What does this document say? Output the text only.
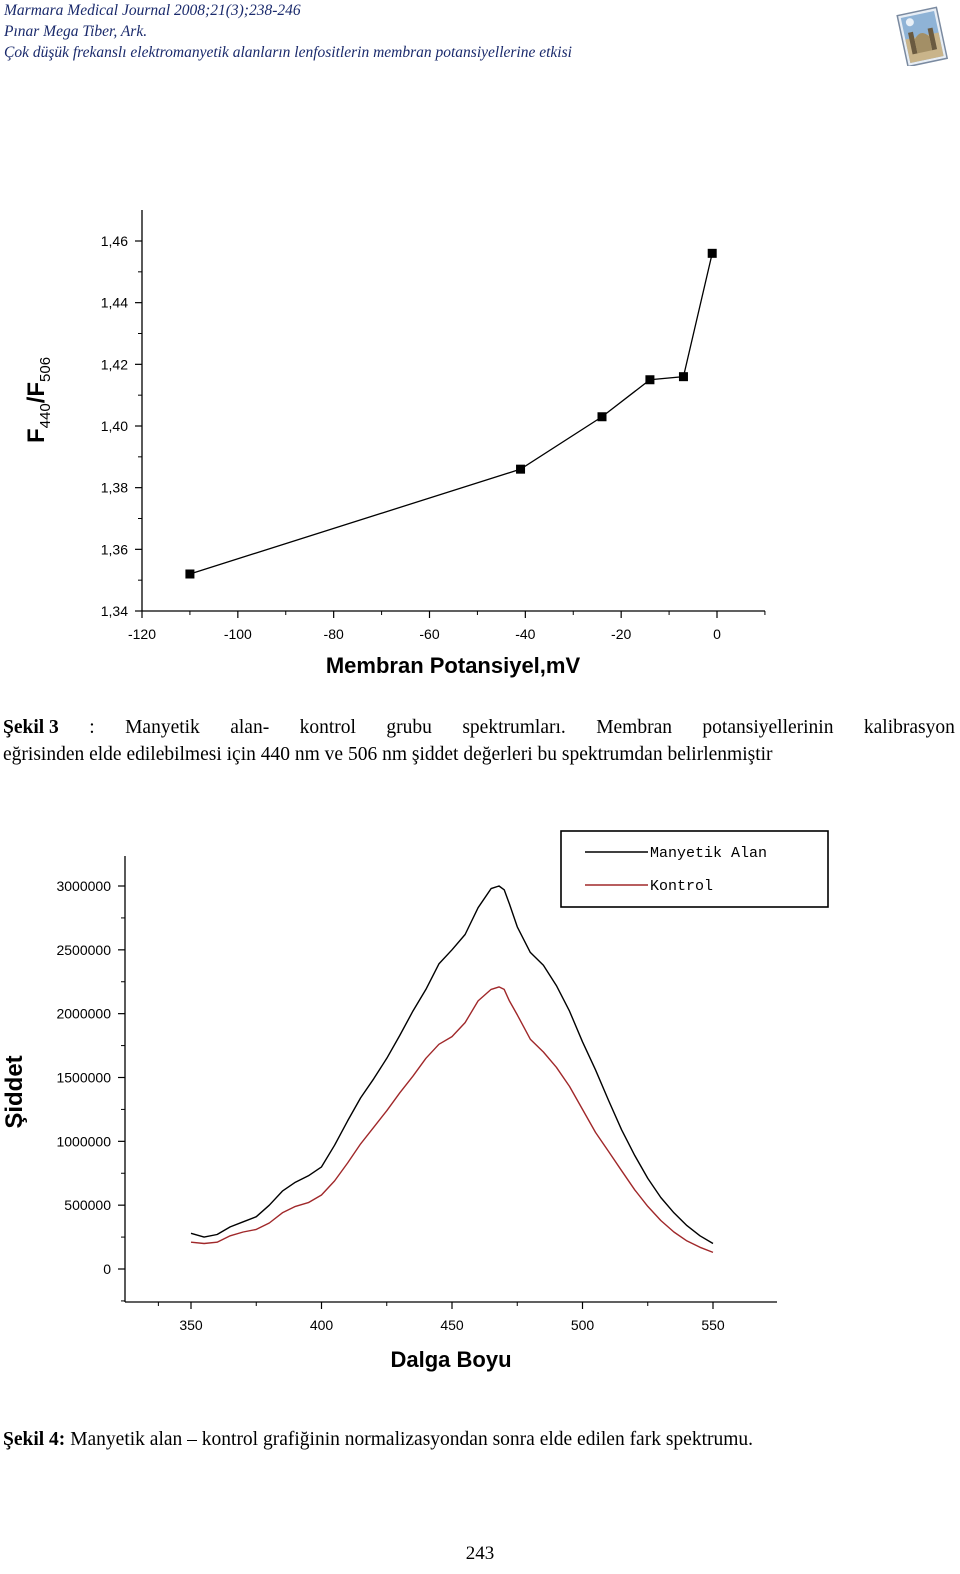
Marmara Medical Journal 2008;21(3);238-246
Pınar Mega Tiber, Ark.
Çok düşük frekanslı elektromanyetik alanların lenfositlerin membran potansiyellerine etkisi
1,34
1,36
1,38
1,40
1,42
1,44
1,46
-120	-100	-80	-60	-40	-20	0
Membran Potansiyel,mV
$F_{440}/F_{506}$
Şekil 3 : Manyetik alan- kontrol grubu spektrumları. Membran potansiyellerinin kalibrasyon
eğrisinden elde edilebilmesi için 440 nm ve 506 nm şiddet değerleri bu spektrumdan belirlenmiştir
0
500000
1000000
1500000
2000000
2500000
3000000
350	400	450	500	550
Dalga Boyu
Şiddet
Manyetik Alan
Kontrol
Şekil 4: Manyetik alan – kontrol grafiğinin normalizasyondan sonra elde edilen fark spektrumu.
243
